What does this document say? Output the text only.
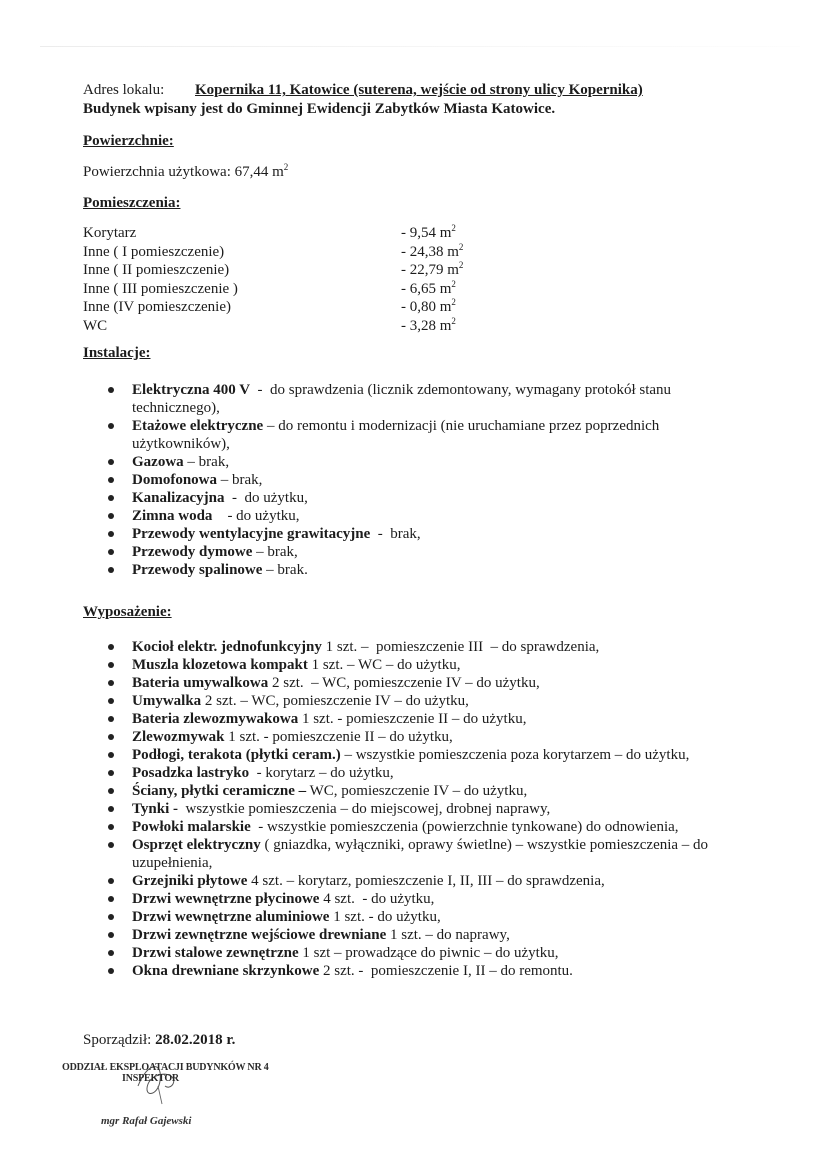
Adres lokalu: Kopernika 11, Katowice (suterena, wejście od strony ulicy Kopernika)
Budynek wpisany jest do Gminnej Ewidencji Zabytków Miasta Katowice.
Powierzchnie:
Powierzchnia użytkowa: 67,44 $m^2$
Pomieszczenia:
Korytarz	- 9,54 $m^2$
Inne ( I pomieszczenie)	- 24,38 $m^2$
Inne ( II pomieszczenie)	- 22,79 $m^2$
Inne ( III pomieszczenie )	- 6,65 $m^2$
Inne (IV pomieszczenie)	- 0,80 $m^2$
WC	- 3,28 $m^2$
Instalacje:
Elektryczna 400 V  -  do sprawdzenia (licznik zdemontowany, wymagany protokół stanu
technicznego),
Etażowe elektryczne – do remontu i modernizacji (nie uruchamiane przez poprzednich
użytkowników),
Gazowa – brak,
Domofonowa – brak,
Kanalizacyjna  -  do użytku,
Zimna woda    - do użytku,
Przewody wentylacyjne grawitacyjne  -  brak,
Przewody dymowe – brak,
Przewody spalinowe – brak.
Wyposażenie:
Kocioł elektr. jednofunkcyjny 1 szt. –  pomieszczenie III  – do sprawdzenia,
Muszla klozetowa kompakt 1 szt. – WC – do użytku,
Bateria umywalkowa 2 szt.  – WC, pomieszczenie IV – do użytku,
Umywalka 2 szt. – WC, pomieszczenie IV – do użytku,
Bateria zlewozmywakowa 1 szt. - pomieszczenie II – do użytku,
Zlewozmywak 1 szt. - pomieszczenie II – do użytku,
Podłogi, terakota (płytki ceram.) – wszystkie pomieszczenia poza korytarzem – do użytku,
Posadzka lastryko  - korytarz – do użytku,
Ściany, płytki ceramiczne – WC, pomieszczenie IV – do użytku,
Tynki -  wszystkie pomieszczenia – do miejscowej, drobnej naprawy,
Powłoki malarskie  - wszystkie pomieszczenia (powierzchnie tynkowane) do odnowienia,
Osprzęt elektryczny ( gniazdka, wyłączniki, oprawy świetlne) – wszystkie pomieszczenia – do
uzupełnienia,
Grzejniki płytowe 4 szt. – korytarz, pomieszczenie I, II, III – do sprawdzenia,
Drzwi wewnętrzne płycinowe 4 szt.  - do użytku,
Drzwi wewnętrzne aluminiowe 1 szt. - do użytku,
Drzwi zewnętrzne wejściowe drewniane 1 szt. – do naprawy,
Drzwi stalowe zewnętrzne 1 szt – prowadzące do piwnic – do użytku,
Okna drewniane skrzynkowe 2 szt. -  pomieszczenie I, II – do remontu.
Sporządził: 28.02.2018 r.
ODDZIAŁ EKSPLOATACJI BUDYNKÓW NR 4
INSPEKTOR
mgr Rafał Gajewski
